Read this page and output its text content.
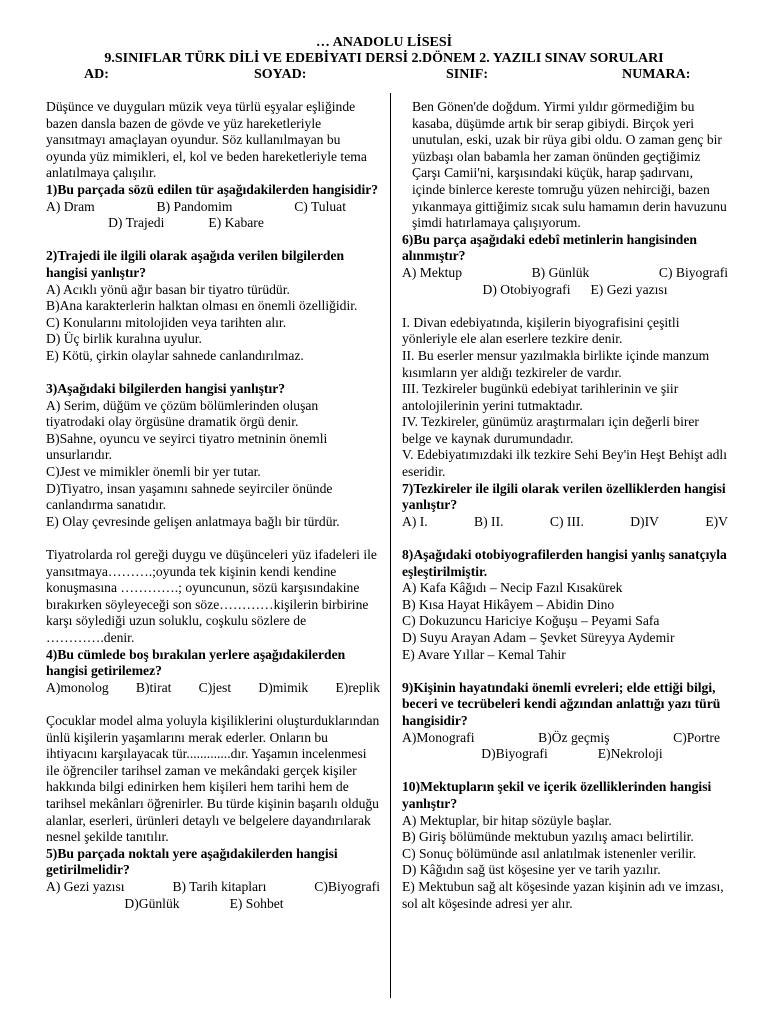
… ANADOLU LİSESİ
9.SINIFLAR TÜRK DİLİ VE EDEBİYATI DERSİ 2.DÖNEM 2. YAZILI SINAV SORULARI
AD:	SOYAD:	SINIF:	NUMARA:

Düşünce ve duyguları müzik veya türlü eşyalar eşliğinde bazen dansla bazen de gövde ve yüz hareketleriyle yansıtmayı amaçlayan oyundur. Söz kullanılmayan bu oyunda yüz mimikleri, el, kol ve beden hareketleriyle tema anlatılmaya çalışılır.

1)Bu parçada sözü edilen tür aşağıdakilerden hangisidir?

A) Dram	B) Pandomim	C) Tuluat
D) Trajedi	E) Kabare

2)Trajedi ile ilgili olarak aşağıda verilen bilgilerden hangisi yanlıştır?

A) Acıklı yönü ağır basan bir tiyatro türüdür.

B)Ana karakterlerin halktan olması en önemli özelliğidir.

C) Konularını mitolojiden veya tarihten alır.

D) Üç birlik kuralına uyulur.

E) Kötü, çirkin olaylar sahnede canlandırılmaz.

3)Aşağıdaki bilgilerden hangisi yanlıştır?

A) Serim, düğüm ve çözüm bölümlerinden oluşan tiyatrodaki olay örgüsüne dramatik örgü denir.

B)Sahne, oyuncu ve seyirci tiyatro metninin önemli unsurlarıdır.

C)Jest ve mimikler önemli bir yer tutar.

D)Tiyatro, insan yaşamını sahnede seyirciler önünde canlandırma sanatıdır.

E) Olay çevresinde gelişen anlatmaya bağlı bir türdür.

Tiyatrolarda rol gereği duygu ve düşünceleri yüz ifadeleri ile yansıtmaya……….;oyunda tek kişinin kendi kendine konuşmasına ………….; oyuncunun, sözü karşısındakine bırakırken söyleyeceği son söze…………kişilerin birbirine karşı söylediği uzun soluklu, coşkulu sözlere de ………….denir.

4)Bu cümlede boş bırakılan yerlere aşağıdakilerden hangisi getirilemez?

A)monolog B)tirat C)jest D)mimik E)replik

Çocuklar model alma yoluyla kişiliklerini oluşturduklarından ünlü kişilerin yaşamlarını merak ederler. Onların bu ihtiyacını karşılayacak tür.............dır. Yaşamın incelenmesi ile öğrenciler tarihsel zaman ve mekândaki gerçek kişiler hakkında bilgi edinirken hem kişileri hem tarihi hem de tarihsel mekânları öğrenirler. Bu türde kişinin başarılı olduğu alanlar, eserleri, ürünleri detaylı ve belgelere dayandırılarak nesnel şekilde tanıtılır.

5)Bu parçada noktalı yere aşağıdakilerden hangisi getirilmelidir?

A) Gezi yazısı	B) Tarih kitapları	C)Biyografi
D)Günlük	E) Sohbet

Ben Gönen'de doğdum. Yirmi yıldır görmediğim bu kasaba, düşümde artık bir serap gibiydi. Birçok yeri unutulan, eski, uzak bir rüya gibi oldu. O zaman genç bir yüzbaşı olan babamla her zaman önünden geçtiğimiz Çarşı Camii'ni, karşısındaki küçük, harap şadırvanı, içinde binlerce kereste tomruğu yüzen nehirciği, bazen yıkanmaya gittiğimiz sıcak sulu hamamın derin havuzunu şimdi hatırlamaya çalışıyorum.

6)Bu parça aşağıdaki edebî metinlerin hangisinden alınmıştır?

A) Mektup	B) Günlük	C) Biyografi
D) Otobiyografi E) Gezi yazısı

I. Divan edebiyatında, kişilerin biyografisini çeşitli yönleriyle ele alan eserlere tezkire denir.

II. Bu eserler mensur yazılmakla birlikte içinde manzum kısımların yer aldığı tezkireler de vardır.

III. Tezkireler bugünkü edebiyat tarihlerinin ve şiir antolojilerinin yerini tutmaktadır.

IV. Tezkireler, günümüz araştırmaları için değerli birer belge ve kaynak durumundadır.

V. Edebiyatımızdaki ilk tezkire Sehi Bey'in Heşt Behişt adlı eseridir.

7)Tezkireler ile ilgili olarak verilen özelliklerden hangisi yanlıştır?

A) I.	B) II.	C) III.	D)IV	E)V

8)Aşağıdaki otobiyografilerden hangisi yanlış sanatçıyla eşleştirilmiştir.

A) Kafa Kâğıdı – Necip Fazıl Kısakürek

B) Kısa Hayat Hikâyem – Abidin Dino

C) Dokuzuncu Hariciye Koğuşu – Peyami Safa

D) Suyu Arayan Adam – Şevket Süreyya Aydemir

E) Avare Yıllar – Kemal Tahir

9)Kişinin hayatındaki önemli evreleri; elde ettiği bilgi, beceri ve tecrübeleri kendi ağzından anlattığı yazı türü hangisidir?

A)Monografi	B)Öz geçmiş	C)Portre
D)Biyografi	E)Nekroloji

10)Mektupların şekil ve içerik özelliklerinden hangisi yanlıştır?

A) Mektuplar, bir hitap sözüyle başlar.

B) Giriş bölümünde mektubun yazılış amacı belirtilir.

C) Sonuç bölümünde asıl anlatılmak istenenler verilir.

D) Kâğıdın sağ üst köşesine yer ve tarih yazılır.

E) Mektubun sağ alt köşesinde yazan kişinin adı ve imzası, sol alt köşesinde adresi yer alır.
